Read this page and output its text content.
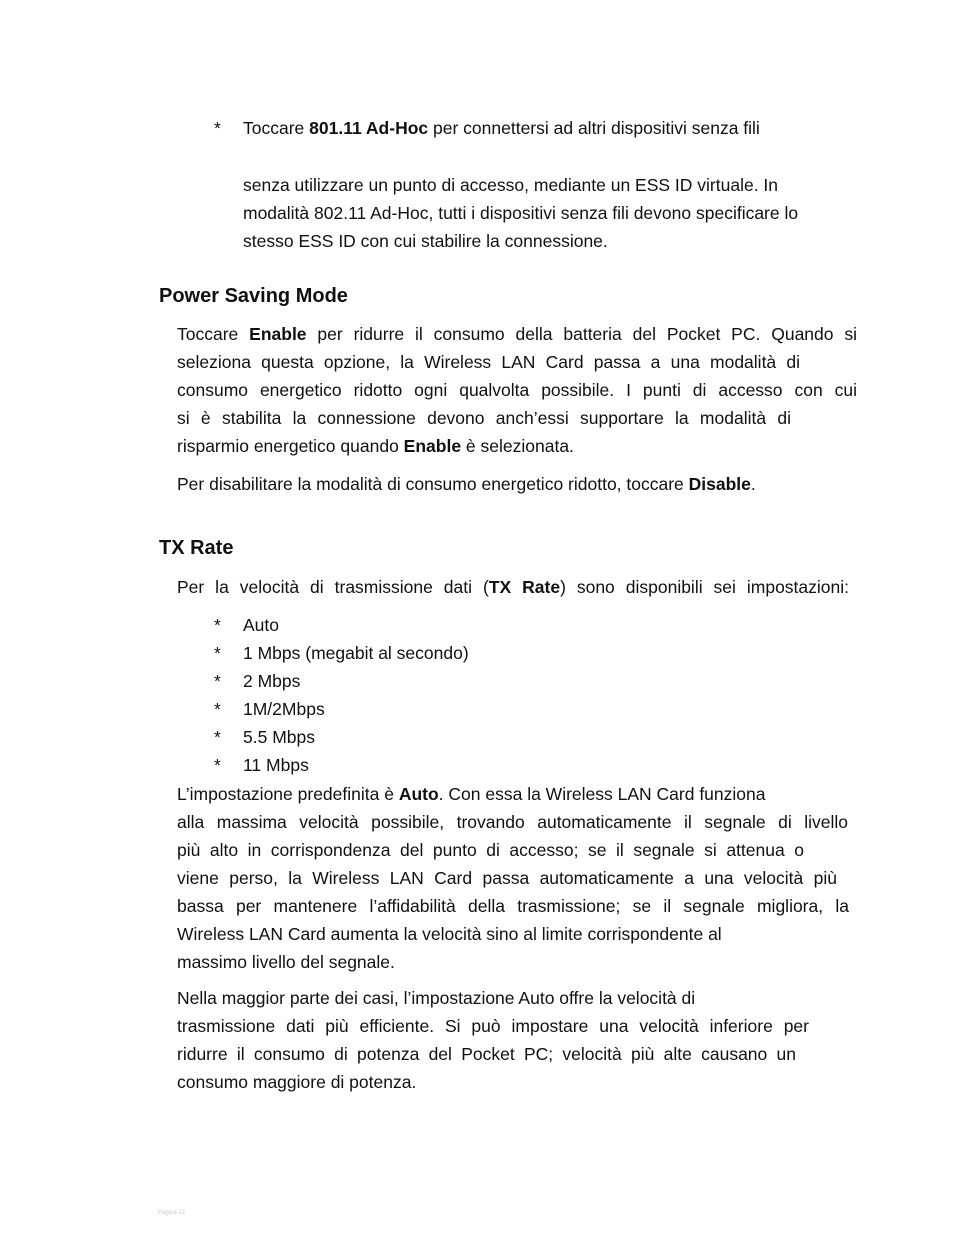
*	Toccare 801.11 Ad-Hoc per connettersi ad altri dispositivi senza fili
senza utilizzare un punto di accesso, mediante un ESS ID virtuale. In
modalità 802.11 Ad-Hoc, tutti i dispositivi senza fili devono specificare lo
stesso ESS ID con cui stabilire la connessione.
Power Saving Mode
Toccare Enable per ridurre il consumo della batteria del Pocket PC. Quando si
seleziona questa opzione, la Wireless LAN Card passa a una modalità di
consumo energetico ridotto ogni qualvolta possibile. I punti di accesso con cui
si è stabilita la connessione devono anch’essi supportare la modalità di
risparmio energetico quando Enable è selezionata.
Per disabilitare la modalità di consumo energetico ridotto, toccare Disable.
TX Rate
Per la velocità di trasmissione dati (TX Rate) sono disponibili sei impostazioni:
*	Auto
*	1 Mbps (megabit al secondo)
*	2 Mbps
*	1M/2Mbps
*	5.5 Mbps
*	11 Mbps
L’impostazione predefinita è Auto. Con essa la Wireless LAN Card funziona
alla massima velocità possibile, trovando automaticamente il segnale di livello
più alto in corrispondenza del punto di accesso; se il segnale si attenua o
viene perso, la Wireless LAN Card passa automaticamente a una velocità più
bassa per mantenere l’affidabilità della trasmissione; se il segnale migliora, la
Wireless LAN Card aumenta la velocità sino al limite corrispondente al
massimo livello del segnale.
Nella maggior parte dei casi, l’impostazione Auto offre la velocità di
trasmissione dati più efficiente. Si può impostare una velocità inferiore per
ridurre il consumo di potenza del Pocket PC; velocità più alte causano un
consumo maggiore di potenza.
Pagina 12
